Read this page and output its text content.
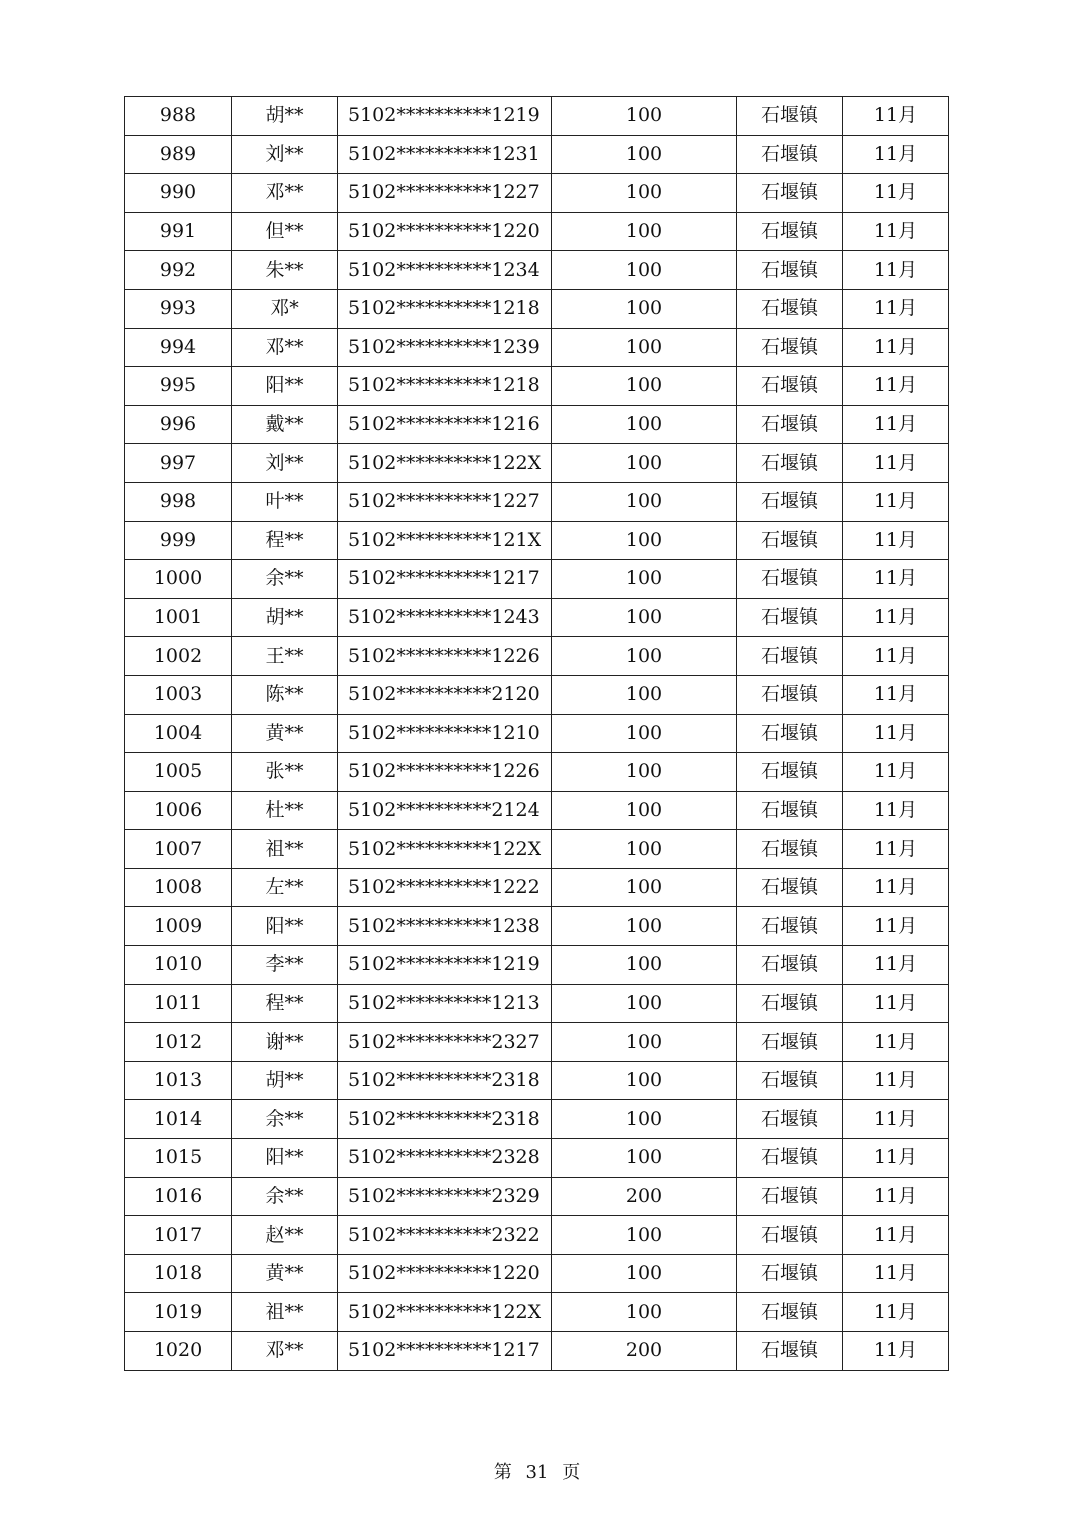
988	胡**	5102**********1219	100	石堰镇	11月
989	刘**	5102**********1231	100	石堰镇	11月
990	邓**	5102**********1227	100	石堰镇	11月
991	但**	5102**********1220	100	石堰镇	11月
992	朱**	5102**********1234	100	石堰镇	11月
993	邓*	5102**********1218	100	石堰镇	11月
994	邓**	5102**********1239	100	石堰镇	11月
995	阳**	5102**********1218	100	石堰镇	11月
996	戴**	5102**********1216	100	石堰镇	11月
997	刘**	5102**********122X	100	石堰镇	11月
998	叶**	5102**********1227	100	石堰镇	11月
999	程**	5102**********121X	100	石堰镇	11月
1000	余**	5102**********1217	100	石堰镇	11月
1001	胡**	5102**********1243	100	石堰镇	11月
1002	王**	5102**********1226	100	石堰镇	11月
1003	陈**	5102**********2120	100	石堰镇	11月
1004	黄**	5102**********1210	100	石堰镇	11月
1005	张**	5102**********1226	100	石堰镇	11月
1006	杜**	5102**********2124	100	石堰镇	11月
1007	祖**	5102**********122X	100	石堰镇	11月
1008	左**	5102**********1222	100	石堰镇	11月
1009	阳**	5102**********1238	100	石堰镇	11月
1010	李**	5102**********1219	100	石堰镇	11月
1011	程**	5102**********1213	100	石堰镇	11月
1012	谢**	5102**********2327	100	石堰镇	11月
1013	胡**	5102**********2318	100	石堰镇	11月
1014	余**	5102**********2318	100	石堰镇	11月
1015	阳**	5102**********2328	100	石堰镇	11月
1016	余**	5102**********2329	200	石堰镇	11月
1017	赵**	5102**********2322	100	石堰镇	11月
1018	黄**	5102**********1220	100	石堰镇	11月
1019	祖**	5102**********122X	100	石堰镇	11月
1020	邓**	5102**********1217	200	石堰镇	11月
第 31 页
